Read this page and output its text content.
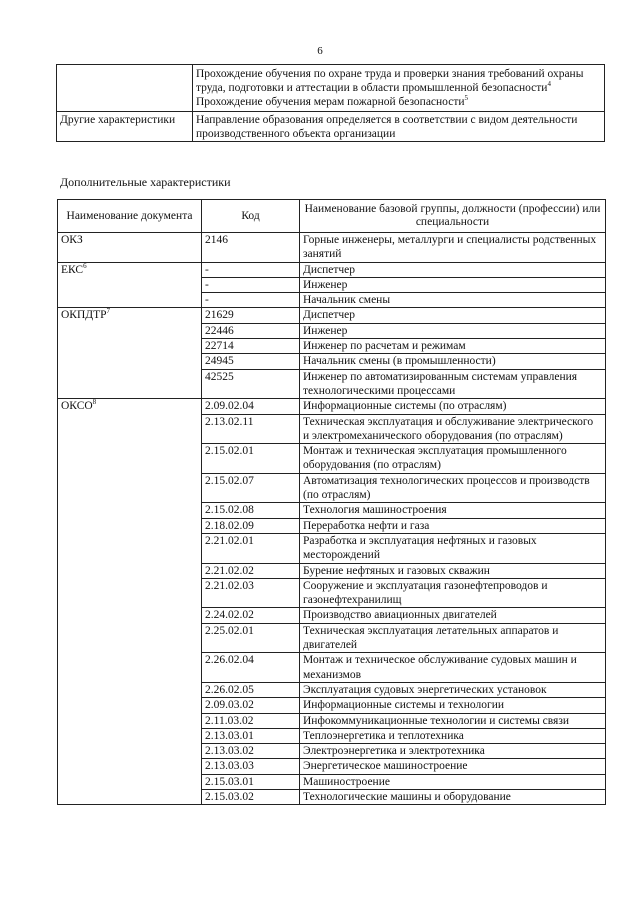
6
	Прохождение обучения по охране труда и проверки знания требований охраны труда, подготовки и аттестации в области промышленной безопасности$^4$
Прохождение обучения мерам пожарной безопасности$^5$
Другие характеристики	Направление образования определяется в соответствии с видом деятельности производственного объекта организации
Дополнительные характеристики
Наименование документа	Код	Наименование базовой группы, должности (профессии) или специальности
ОКЗ	2146	Горные инженеры, металлурги и специалисты родственных занятий
ЕКС$^6$	-	Диспетчер
	-	Инженер
	-	Начальник смены
ОКПДТР$^7$	21629	Диспетчер
	22446	Инженер
	22714	Инженер по расчетам и режимам
	24945	Начальник смены (в промышленности)
	42525	Инженер по автоматизированным системам управления технологическими процессами
ОКСО$^8$	2.09.02.04	Информационные системы (по отраслям)
	2.13.02.11	Техническая эксплуатация и обслуживание электрического и электромеханического оборудования (по отраслям)
	2.15.02.01	Монтаж и техническая эксплуатация промышленного оборудования (по отраслям)
	2.15.02.07	Автоматизация технологических процессов и производств (по отраслям)
	2.15.02.08	Технология машиностроения
	2.18.02.09	Переработка нефти и газа
	2.21.02.01	Разработка и эксплуатация нефтяных и газовых месторождений
	2.21.02.02	Бурение нефтяных и газовых скважин
	2.21.02.03	Сооружение и эксплуатация газонефтепроводов и газонефтехранилищ
	2.24.02.02	Производство авиационных двигателей
	2.25.02.01	Техническая эксплуатация летательных аппаратов и двигателей
	2.26.02.04	Монтаж и техническое обслуживание судовых машин и механизмов
	2.26.02.05	Эксплуатация судовых энергетических установок
	2.09.03.02	Информационные системы и технологии
	2.11.03.02	Инфокоммуникационные технологии и системы связи
	2.13.03.01	Теплоэнергетика и теплотехника
	2.13.03.02	Электроэнергетика и электротехника
	2.13.03.03	Энергетическое машиностроение
	2.15.03.01	Машиностроение
	2.15.03.02	Технологические машины и оборудование
